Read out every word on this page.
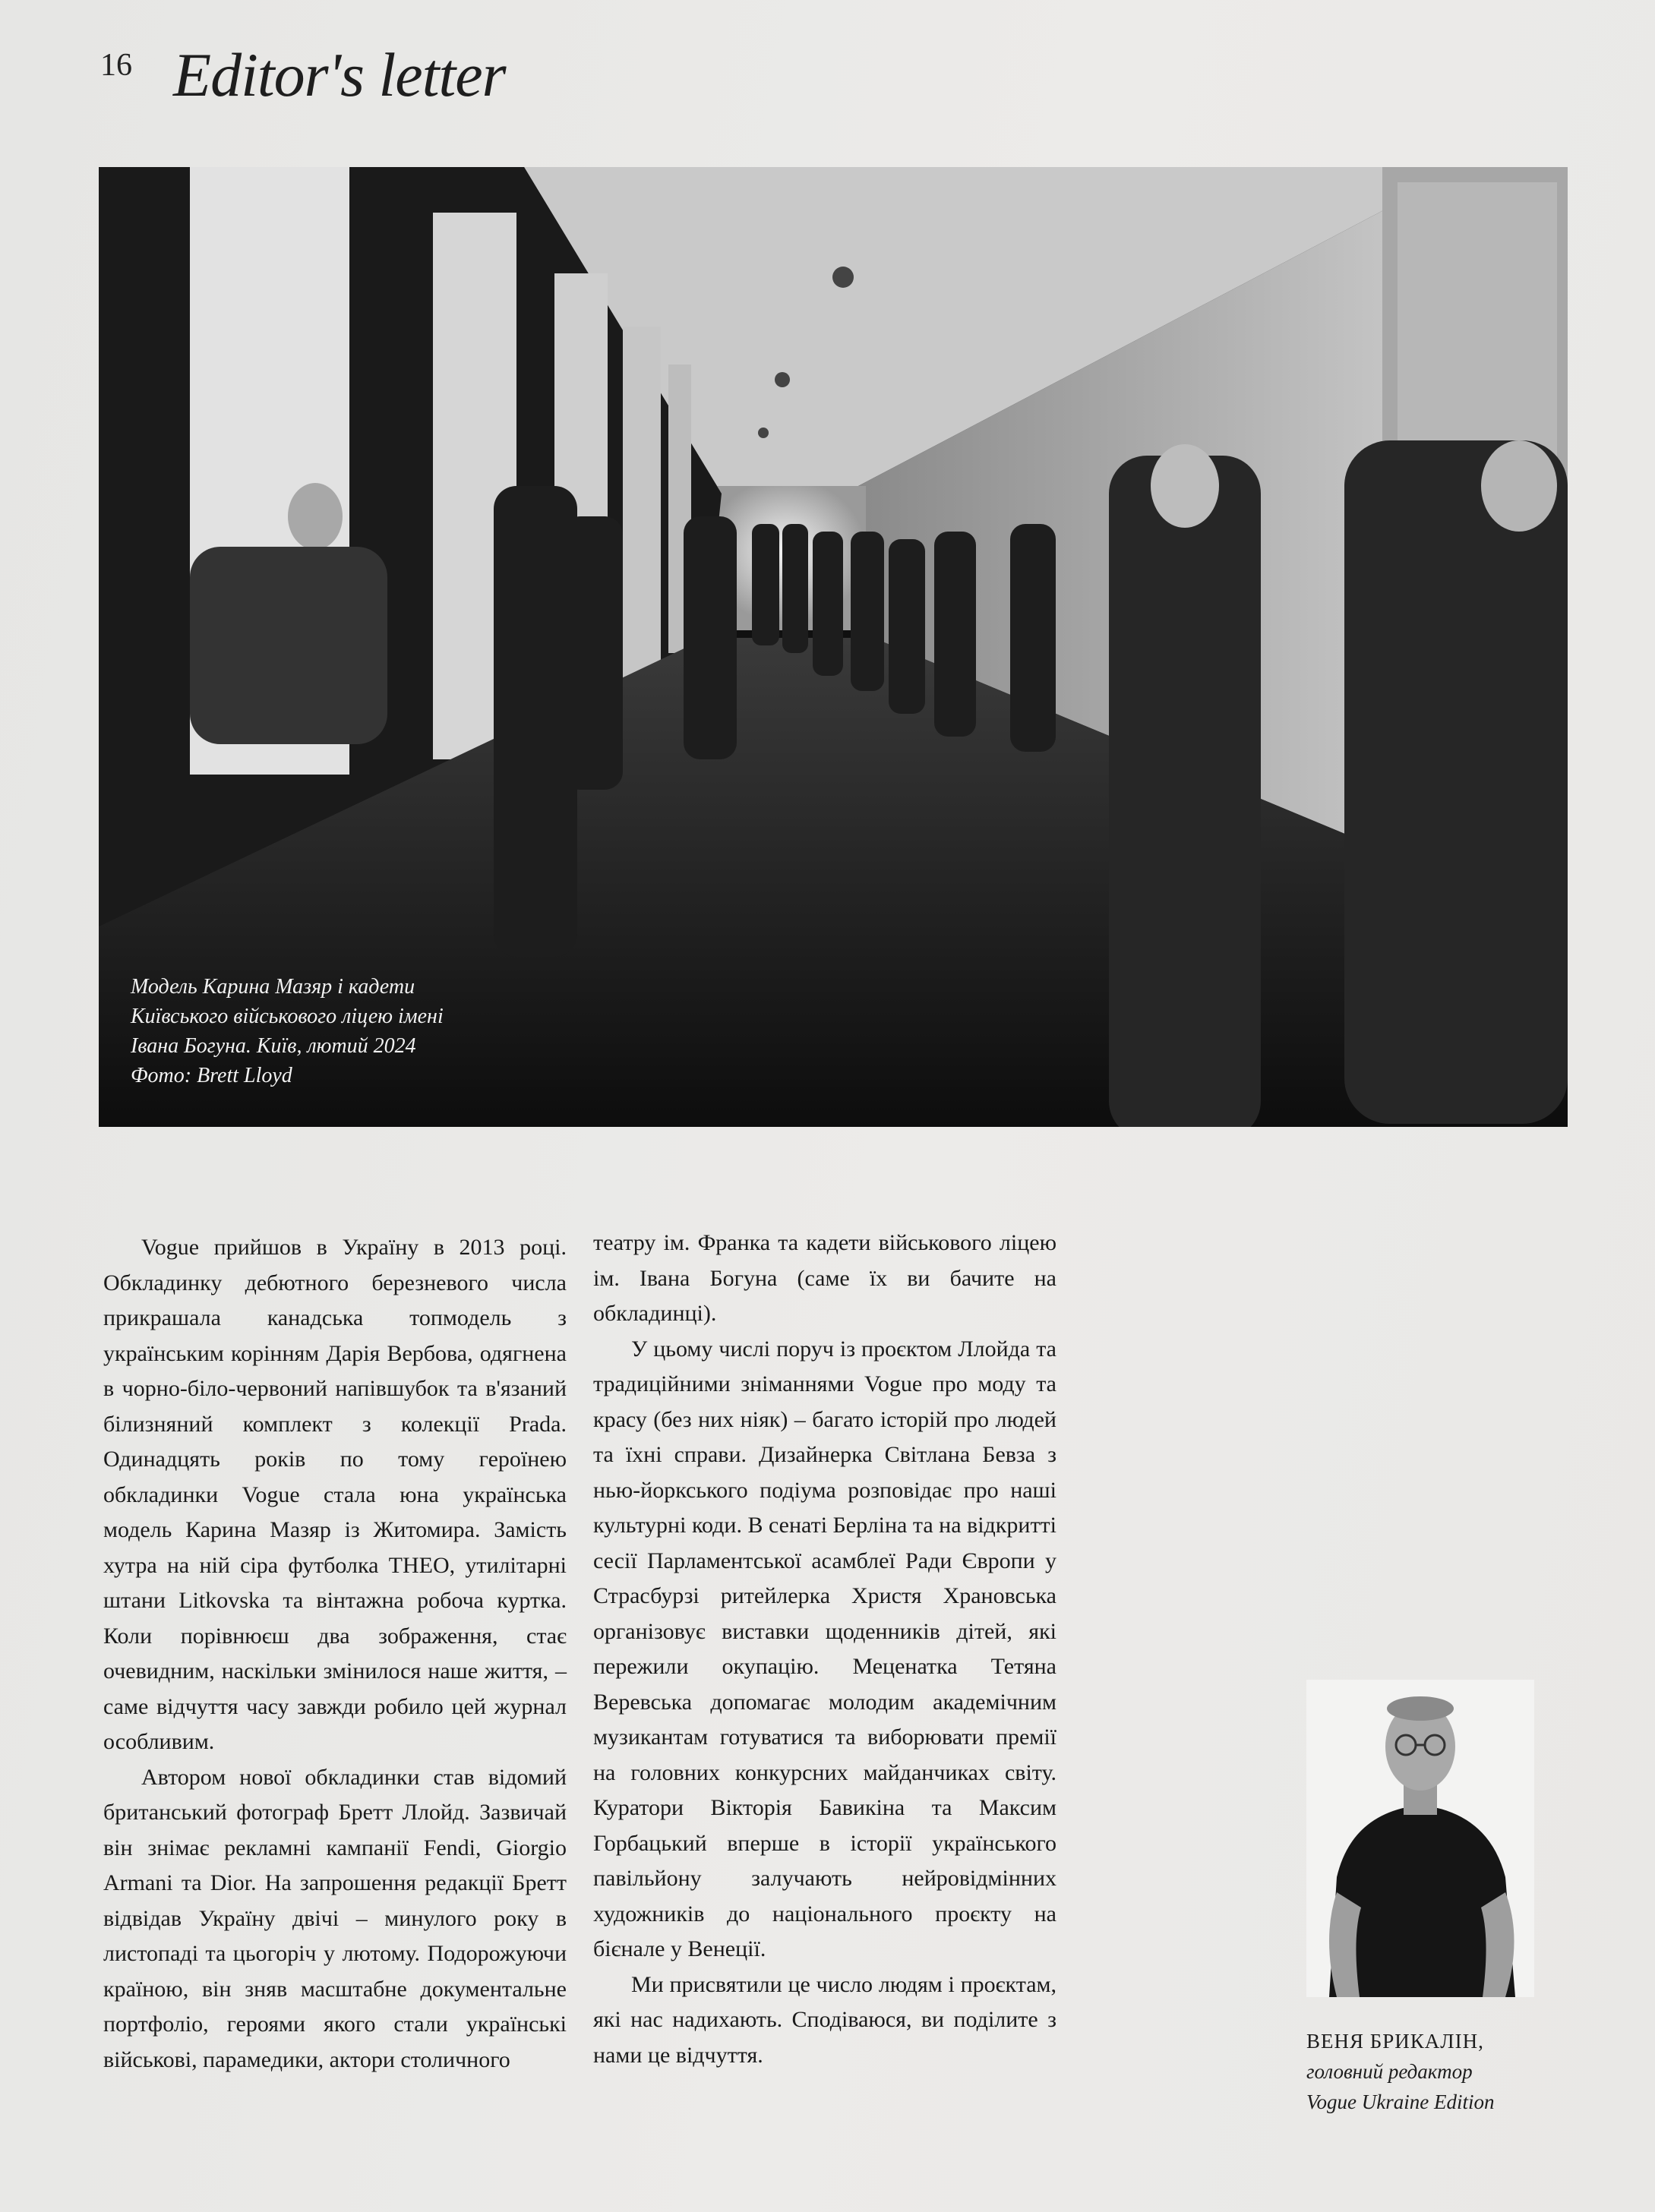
16 Editor's letter
Модель Карина Мазяр і кадети
Київського військового ліцею імені
Івана Богуна. Київ, лютий 2024
Фото: Brett Lloyd

Vogue прийшов в Україну в 2013 році. Обкладинку дебютного березневого числа прикрашала канадська топмодель з українським корінням Дарія Вербова, одягнена в чорно-біло-червоний напівшубок та в'язаний білизняний комплект з колекції Prada. Одинадцять років по тому героїнею обкладинки Vogue стала юна українська модель Карина Мазяр із Житомира. Замість хутра на ній сіра футболка THEO, утилітарні штани Litkovska та вінтажна робоча куртка. Коли порівнюєш два зображення, стає очевидним, наскільки змінилося наше життя, – саме відчуття часу завжди робило цей журнал особливим.

Автором нової обкладинки став відомий британський фотограф Бретт Ллойд. Зазвичай він знімає рекламні кампанії Fendi, Giorgio Armani та Dior. На запрошення редакції Бретт відвідав Україну двічі – минулого року в листопаді та цьогоріч у лютому. Подорожуючи країною, він зняв масштабне документальне портфоліо, героями якого стали українські військові, парамедики, актори столичного

театру ім. Франка та кадети військового ліцею ім. Івана Богуна (саме їх ви бачите на обкладинці).

У цьому числі поруч із проєктом Ллойда та традиційними зніманнями Vogue про моду та красу (без них ніяк) – багато історій про людей та їхні справи. Дизайнерка Світлана Бевза з нью-йоркського подіума розповідає про наші культурні коди. В сенаті Берліна та на відкритті сесії Парламентської асамблеї Ради Європи у Страсбурзі ритейлерка Христя Храновська організовує виставки щоденників дітей, які пережили окупацію. Меценатка Тетяна Веревська допомагає молодим академічним музикантам готуватися та виборювати премії на головних конкурсних майданчиках світу. Куратори Вікторія Бавикіна та Максим Горбацький вперше в історії українського павільйону залучають нейровідмінних художників до національного проєкту на бієнале у Венеції.

Ми присвятили це число людям і проєктам, які нас надихають. Сподіваюся, ви поділите з нами це відчуття.

ВЕНЯ БРИКАЛІН,
головний редактор
Vogue Ukraine Edition
